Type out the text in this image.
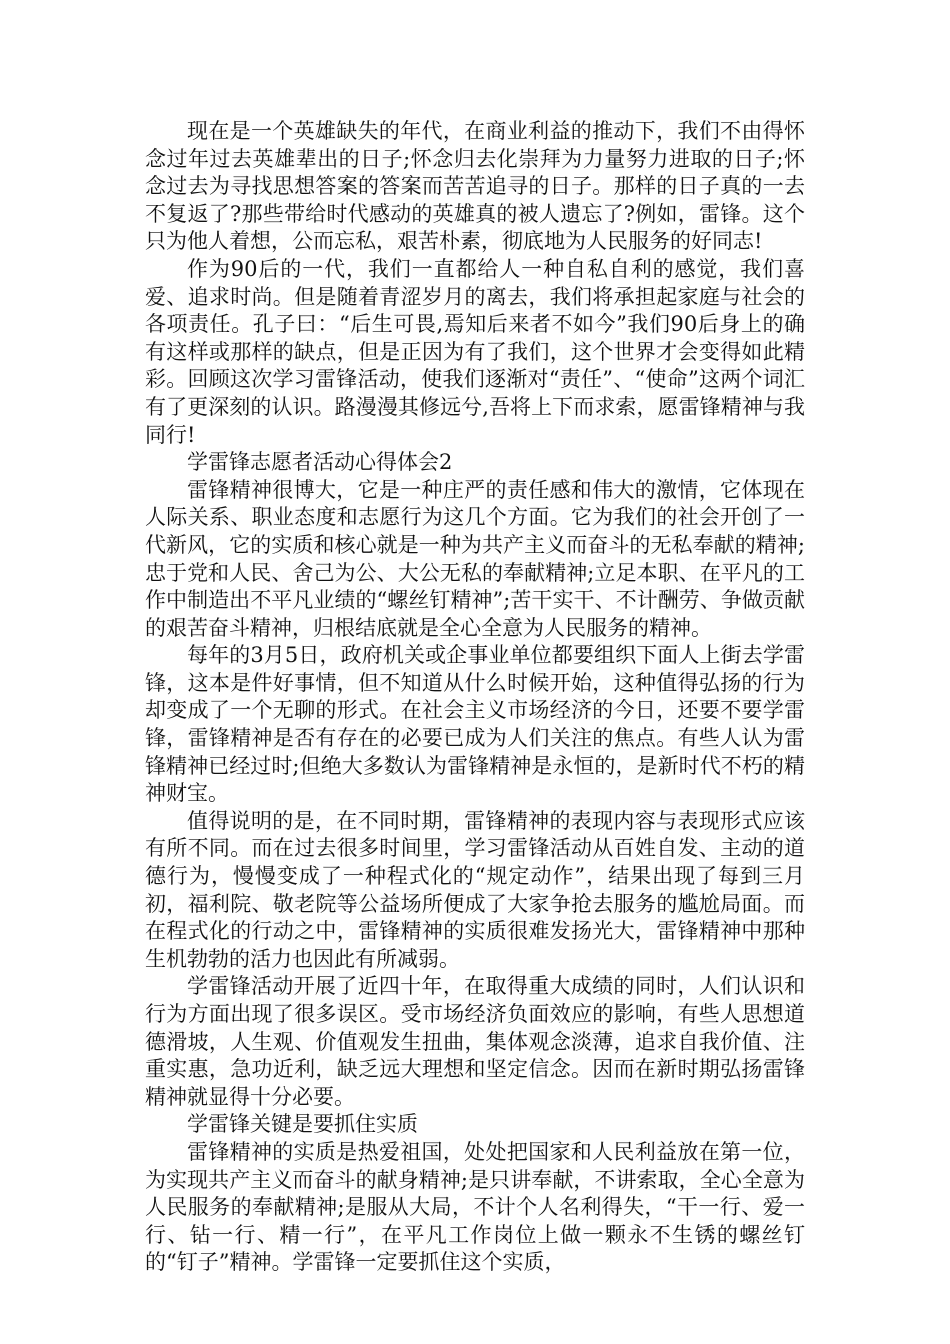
现在是一个英雄缺失的年代，在商业利益的推动下，我们不由得怀念过年过去英雄辈出的日子;怀念归去化崇拜为力量努力进取的日子;怀念过去为寻找思想答案的答案而苦苦追寻的日子。那样的日子真的一去不复返了?那些带给时代感动的英雄真的被人遗忘了?例如，雷锋。这个只为他人着想，公而忘私，艰苦朴素，彻底地为人民服务的好同志!

作为90后的一代，我们一直都给人一种自私自利的感觉，我们喜爱、追求时尚。但是随着青涩岁月的离去，我们将承担起家庭与社会的各项责任。孔子曰：“后生可畏,焉知后来者不如今”我们90后身上的确有这样或那样的缺点，但是正因为有了我们，这个世界才会变得如此精彩。回顾这次学习雷锋活动，使我们逐渐对“责任”、“使命”这两个词汇有了更深刻的认识。路漫漫其修远兮,吾将上下而求索，愿雷锋精神与我同行!

学雷锋志愿者活动心得体会2

雷锋精神很博大，它是一种庄严的责任感和伟大的激情，它体现在人际关系、职业态度和志愿行为这几个方面。它为我们的社会开创了一代新风，它的实质和核心就是一种为共产主义而奋斗的无私奉献的精神;忠于党和人民、舍己为公、大公无私的奉献精神;立足本职、在平凡的工作中制造出不平凡业绩的“螺丝钉精神”;苦干实干、不计酬劳、争做贡献的艰苦奋斗精神，归根结底就是全心全意为人民服务的精神。

每年的3月5日，政府机关或企事业单位都要组织下面人上街去学雷锋，这本是件好事情，但不知道从什么时候开始，这种值得弘扬的行为却变成了一个无聊的形式。在社会主义市场经济的今日，还要不要学雷锋，雷锋精神是否有存在的必要已成为人们关注的焦点。有些人认为雷锋精神已经过时;但绝大多数认为雷锋精神是永恒的，是新时代不朽的精神财宝。

值得说明的是，在不同时期，雷锋精神的表现内容与表现形式应该有所不同。而在过去很多时间里，学习雷锋活动从百姓自发、主动的道德行为，慢慢变成了一种程式化的“规定动作”，结果出现了每到三月初，福利院、敬老院等公益场所便成了大家争抢去服务的尴尬局面。而在程式化的行动之中，雷锋精神的实质很难发扬光大，雷锋精神中那种生机勃勃的活力也因此有所减弱。

学雷锋活动开展了近四十年，在取得重大成绩的同时，人们认识和行为方面出现了很多误区。受市场经济负面效应的影响，有些人思想道德滑坡，人生观、价值观发生扭曲，集体观念淡薄，追求自我价值、注重实惠，急功近利，缺乏远大理想和坚定信念。因而在新时期弘扬雷锋精神就显得十分必要。

学雷锋关键是要抓住实质

雷锋精神的实质是热爱祖国，处处把国家和人民利益放在第一位，为实现共产主义而奋斗的献身精神;是只讲奉献，不讲索取，全心全意为人民服务的奉献精神;是服从大局，不计个人名利得失，“干一行、爱一行、钻一行、精一行”，在平凡工作岗位上做一颗永不生锈的螺丝钉的“钉子”精神。学雷锋一定要抓住这个实质，
